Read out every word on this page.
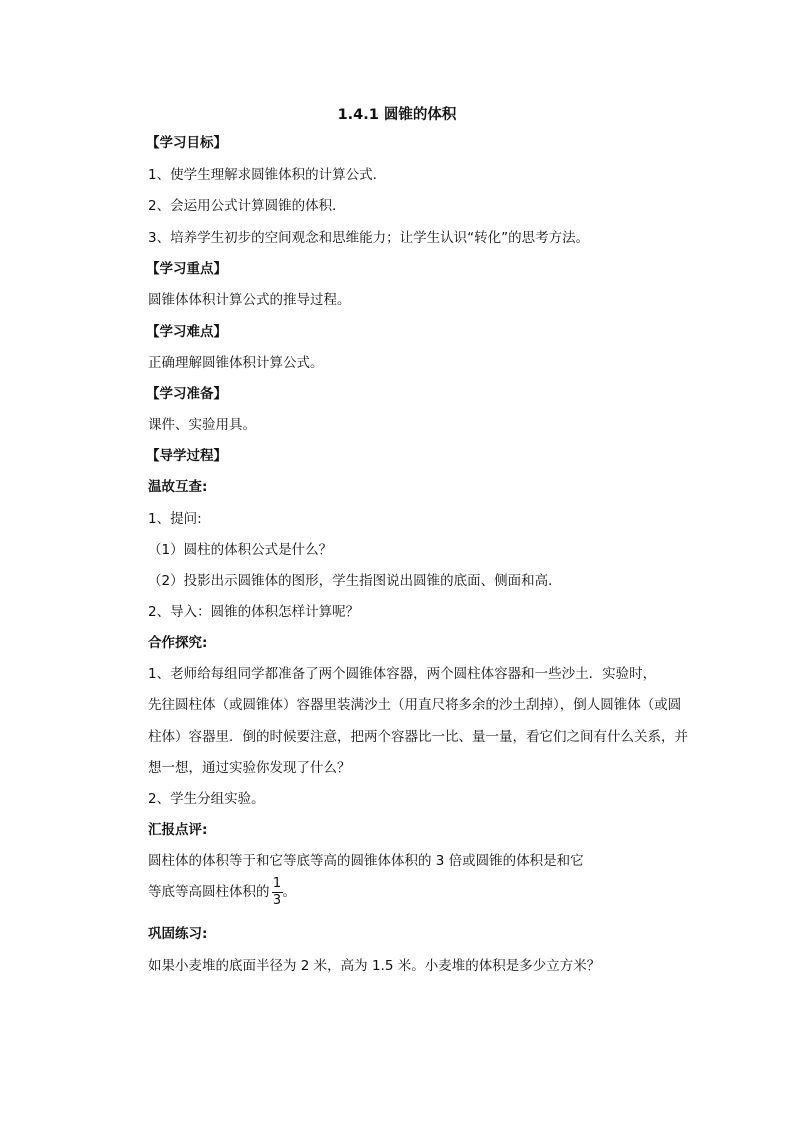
1.4.1 圆锥的体积
【学习目标】
1、使学生理解求圆锥体积的计算公式．
2、会运用公式计算圆锥的体积．
3、培养学生初步的空间观念和思维能力；让学生认识“转化”的思考方法。
【学习重点】
圆锥体体积计算公式的推导过程。
【学习难点】
正确理解圆锥体积计算公式。
【学习准备】
课件、实验用具。
【导学过程】
温故互查:
1、提问:
（1）圆柱的体积公式是什么？
（2）投影出示圆锥体的图形，学生指图说出圆锥的底面、侧面和高．
2、导入：圆锥的体积怎样计算呢？
合作探究:
1、老师给每组同学都准备了两个圆锥体容器，两个圆柱体容器和一些沙土．实验时，
先往圆柱体（或圆锥体）容器里装满沙土（用直尺将多余的沙土刮掉），倒人圆锥体（或圆
柱体）容器里．倒的时候要注意，把两个容器比一比、量一量，看它们之间有什么关系，并
想一想，通过实验你发现了什么？
2、学生分组实验。
汇报点评:
圆柱体的体积等于和它等底等高的圆锥体体积的 3 倍或圆锥的体积是和它
等底等高圆柱体积的 $\frac{1}{3}$ 。
巩固练习:
如果小麦堆的底面半径为 2 米，高为 1.5 米。小麦堆的体积是多少立方米？
